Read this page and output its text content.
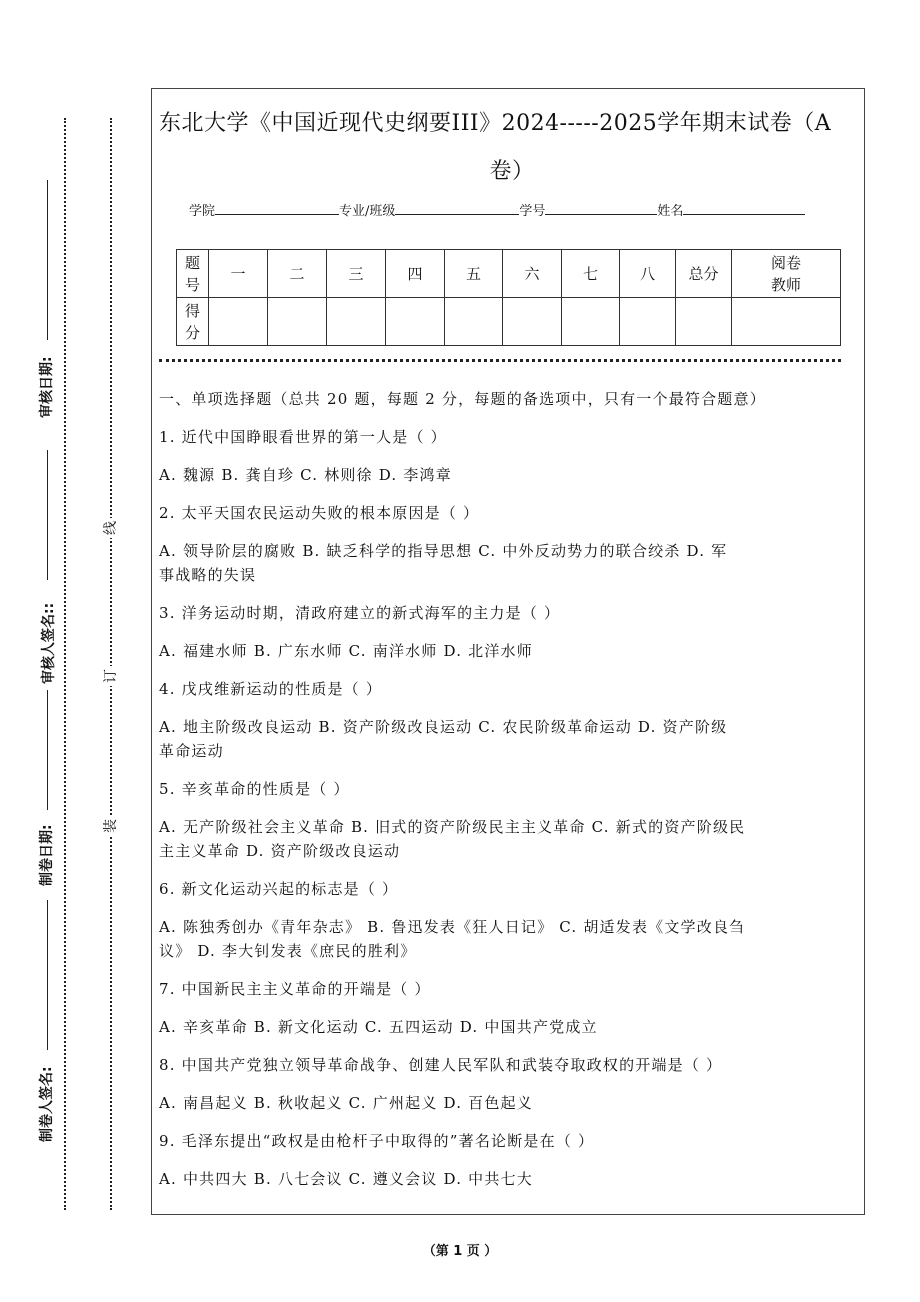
审核日期:
审核人签名::
制卷日期:
制卷人签名:
线
订
装
东北大学《中国近现代史纲要III》2024-----2025学年期末试卷（A
卷）
学院	专业/班级	学号	姓名
题
号	一	二	三	四	五	六	七	八	总分	阅卷
教师
得
分										
一、单项选择题（总共 20 题，每题 2 分，每题的备选项中，只有一个最符合题意）
1. 近代中国睁眼看世界的第一人是（ ）
A. 魏源 B. 龚自珍 C. 林则徐 D. 李鸿章
2. 太平天国农民运动失败的根本原因是（ ）
A. 领导阶层的腐败 B. 缺乏科学的指导思想 C. 中外反动势力的联合绞杀 D. 军
事战略的失误
3. 洋务运动时期，清政府建立的新式海军的主力是（ ）
A. 福建水师 B. 广东水师 C. 南洋水师 D. 北洋水师
4. 戊戌维新运动的性质是（ ）
A. 地主阶级改良运动 B. 资产阶级改良运动 C. 农民阶级革命运动 D. 资产阶级
革命运动
5. 辛亥革命的性质是（ ）
A. 无产阶级社会主义革命 B. 旧式的资产阶级民主主义革命 C. 新式的资产阶级民
主主义革命 D. 资产阶级改良运动
6. 新文化运动兴起的标志是（ ）
A. 陈独秀创办《青年杂志》 B. 鲁迅发表《狂人日记》 C. 胡适发表《文学改良刍
议》 D. 李大钊发表《庶民的胜利》
7. 中国新民主主义革命的开端是（ ）
A. 辛亥革命 B. 新文化运动 C. 五四运动 D. 中国共产党成立
8. 中国共产党独立领导革命战争、创建人民军队和武装夺取政权的开端是（ ）
A. 南昌起义 B. 秋收起义 C. 广州起义 D. 百色起义
9. 毛泽东提出“政权是由枪杆子中取得的”著名论断是在（ ）
A. 中共四大 B. 八七会议 C. 遵义会议 D. 中共七大
（第 1 页 ）
